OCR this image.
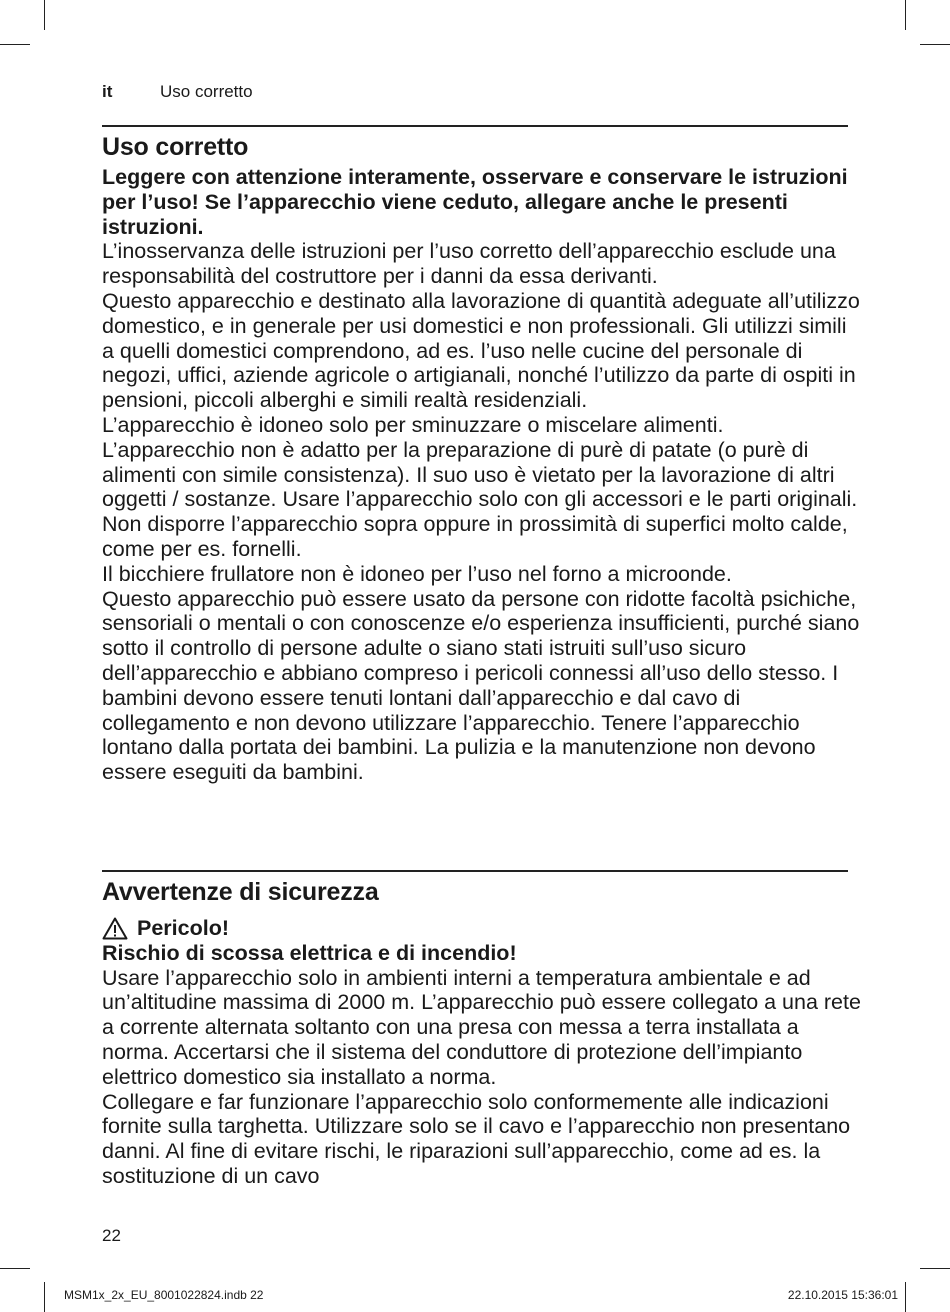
it	Uso corretto
Uso corretto

Leggere con attenzione interamente, osservare e conservare le istruzioni per l’uso! Se l’apparecchio viene ceduto, allegare anche le presenti istruzioni.

L’inosservanza delle istruzioni per l’uso corretto dell’apparecchio esclude una responsabilità del costruttore per i danni da essa derivanti.

Questo apparecchio e destinato alla lavorazione di quantità adeguate all’utilizzo domestico, e in generale per usi domestici e non professionali. Gli utilizzi simili a quelli domestici comprendono, ad es. l’uso nelle cucine del personale di negozi, uffici, aziende agricole o artigianali, nonché l’utilizzo da parte di ospiti in pensioni, piccoli alberghi e simili realtà residenziali.

L’apparecchio è idoneo solo per sminuzzare o miscelare alimenti.

L’apparecchio non è adatto per la preparazione di purè di patate (o purè di alimenti con simile consistenza). Il suo uso è vietato per la lavorazione di altri oggetti / sostanze. Usare l’apparecchio solo con gli accessori e le parti originali. Non disporre l’apparecchio sopra oppure in prossimità di superfici molto calde, come per es. fornelli.

Il bicchiere frullatore non è idoneo per l’uso nel forno a microonde.

Questo apparecchio può essere usato da persone con ridotte facoltà psichiche, sensoriali o mentali o con conoscenze e/o esperienza insufficienti, purché siano sotto il controllo di persone adulte o siano stati istruiti sull’uso sicuro dell’apparecchio e abbiano compreso i pericoli connessi all’uso dello stesso. I bambini devono essere tenuti lontani dall’apparecchio e dal cavo di collegamento e non devono utilizzare l’apparecchio. Tenere l’apparecchio lontano dalla portata dei bambini. La pulizia e la manutenzione non devono essere eseguiti da bambini.

Avvertenze di sicurezza

Pericolo!

Rischio di scossa elettrica e di incendio!

Usare l’apparecchio solo in ambienti interni a temperatura ambientale e ad un’altitudine massima di 2000 m. L’apparecchio può essere collegato a una rete a corrente alternata soltanto con una presa con messa a terra installata a norma. Accertarsi che il sistema del conduttore di protezione dell’impianto elettrico domestico sia installato a norma.

Collegare e far funzionare l’apparecchio solo conformemente alle indicazioni fornite sulla targhetta. Utilizzare solo se il cavo e l’apparecchio non presentano danni. Al fine di evitare rischi, le riparazioni sull’apparecchio, come ad es. la sostituzione di un cavo

22
MSM1x_2x_EU_8001022824.indb 22	22.10.2015 15:36:01
